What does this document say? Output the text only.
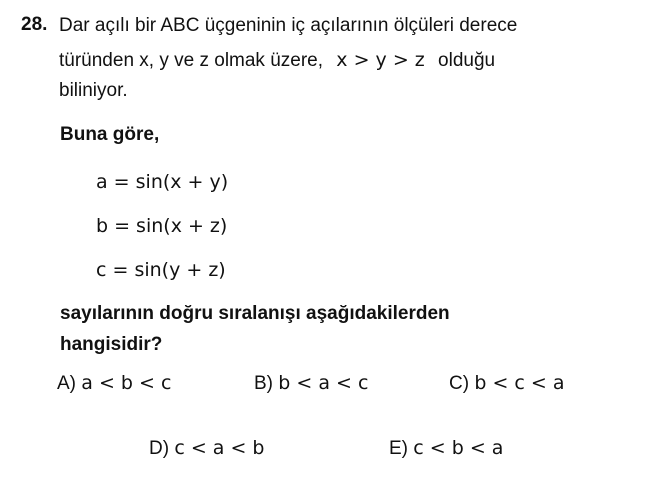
28. Dar açılı bir ABC üçgeninin iç açılarının ölçüleri derece
türünden x, y ve z olmak üzere, x > y > z olduğu
biliniyor.
Buna göre,
a = sin(x + y)
b = sin(x + z)
c = sin(y + z)
sayılarının doğru sıralanışı aşağıdakilerden
hangisidir?
A) a < b < c	B) b < a < c	C) b < c < a
D) c < a < b	E) c < b < a
